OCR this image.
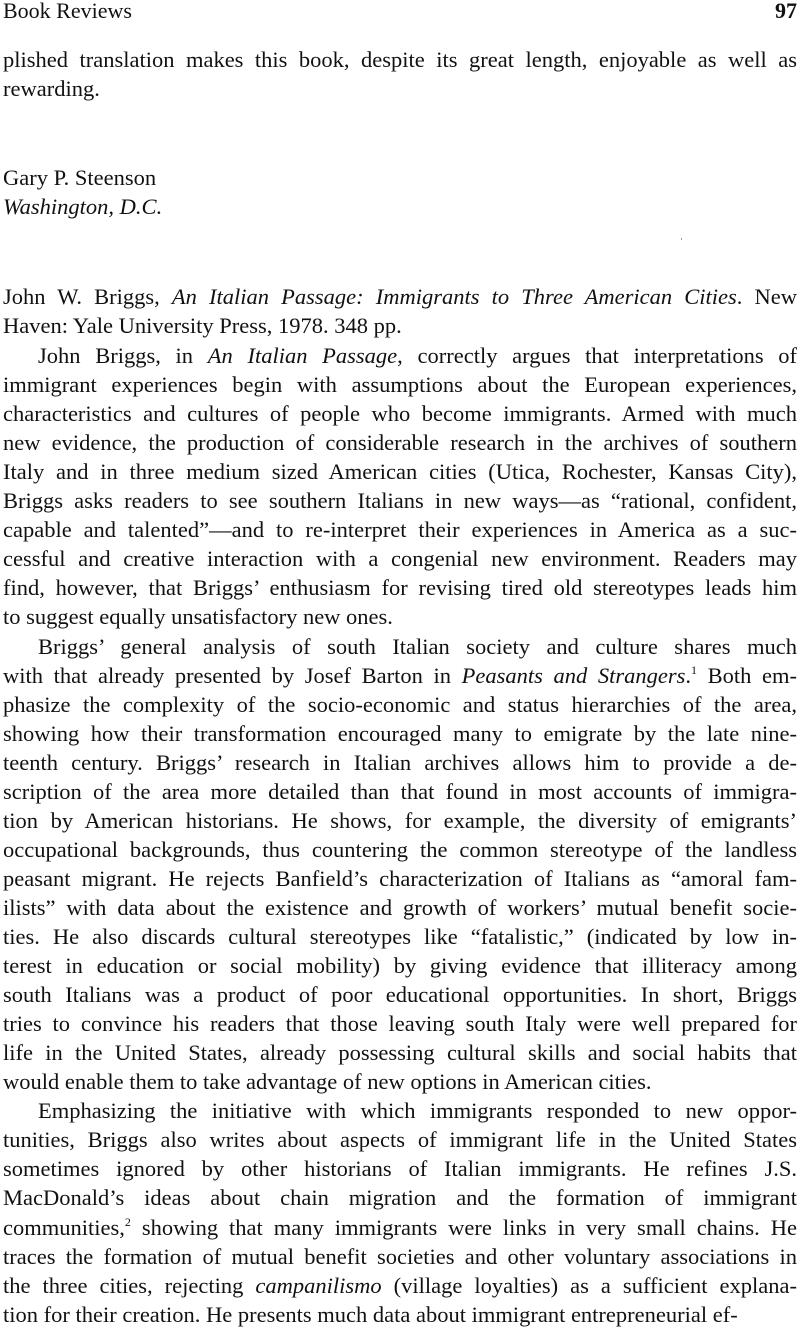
Book Reviews	97
plished translation makes this book, despite its great length, enjoyable as well as
rewarding.
Gary P. Steenson
Washington, D.C.
John W. Briggs, An Italian Passage: Immigrants to Three American Cities. New
Haven: Yale University Press, 1978. 348 pp.
John Briggs, in An Italian Passage, correctly argues that interpretations of
immigrant experiences begin with assumptions about the European experiences,
characteristics and cultures of people who become immigrants. Armed with much
new evidence, the production of considerable research in the archives of southern
Italy and in three medium sized American cities (Utica, Rochester, Kansas City),
Briggs asks readers to see southern Italians in new ways—as “rational, confident,
capable and talented”—and to re-interpret their experiences in America as a suc-
cessful and creative interaction with a congenial new environment. Readers may
find, however, that Briggs’ enthusiasm for revising tired old stereotypes leads him
to suggest equally unsatisfactory new ones.
Briggs’ general analysis of south Italian society and culture shares much
with that already presented by Josef Barton in Peasants and Strangers.$^1$ Both em-
phasize the complexity of the socio-economic and status hierarchies of the area,
showing how their transformation encouraged many to emigrate by the late nine-
teenth century. Briggs’ research in Italian archives allows him to provide a de-
scription of the area more detailed than that found in most accounts of immigra-
tion by American historians. He shows, for example, the diversity of emigrants’
occupational backgrounds, thus countering the common stereotype of the landless
peasant migrant. He rejects Banfield’s characterization of Italians as “amoral fam-
ilists” with data about the existence and growth of workers’ mutual benefit socie-
ties. He also discards cultural stereotypes like “fatalistic,” (indicated by low in-
terest in education or social mobility) by giving evidence that illiteracy among
south Italians was a product of poor educational opportunities. In short, Briggs
tries to convince his readers that those leaving south Italy were well prepared for
life in the United States, already possessing cultural skills and social habits that
would enable them to take advantage of new options in American cities.
Emphasizing the initiative with which immigrants responded to new oppor-
tunities, Briggs also writes about aspects of immigrant life in the United States
sometimes ignored by other historians of Italian immigrants. He refines J.S.
MacDonald’s ideas about chain migration and the formation of immigrant
communities,$^2$ showing that many immigrants were links in very small chains. He
traces the formation of mutual benefit societies and other voluntary associations in
the three cities, rejecting campanilismo (village loyalties) as a sufficient explana-
tion for their creation. He presents much data about immigrant entrepreneurial ef-
